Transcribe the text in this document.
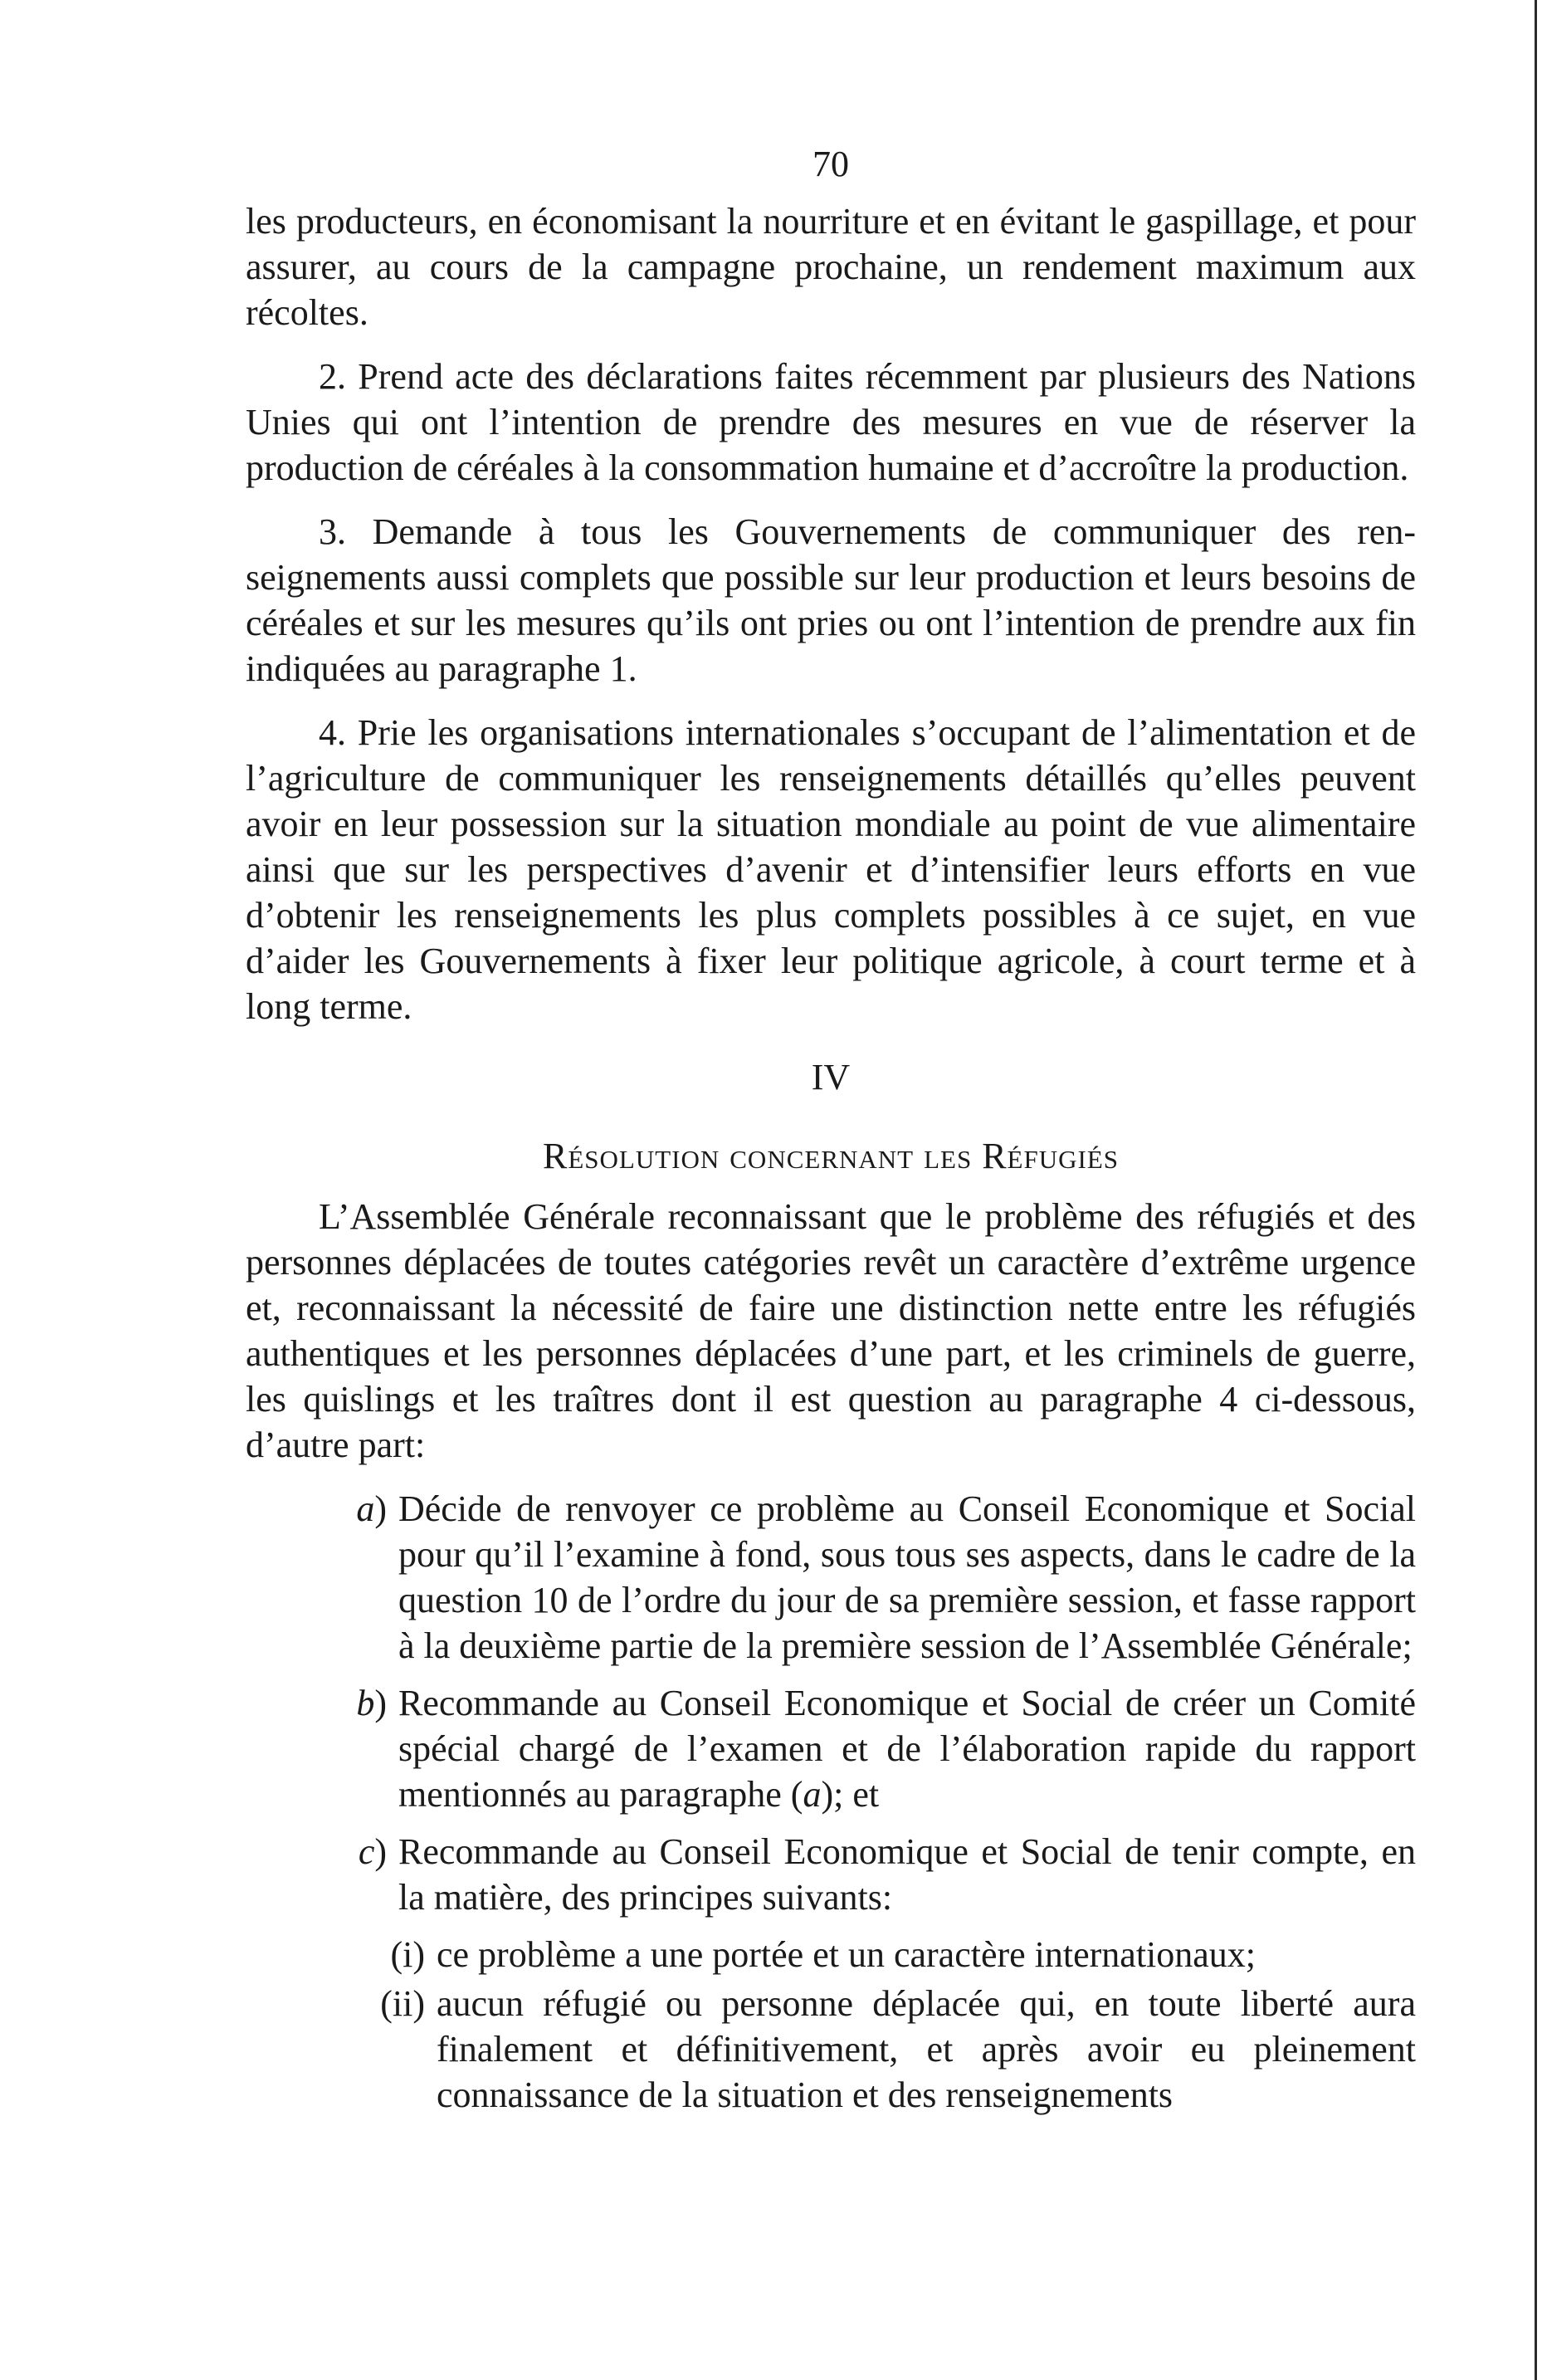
70

les producteurs, en économisant la nourriture et en évitant le gaspillage, et pour assurer, au cours de la campagne prochaine, un rendement maximum aux récoltes.

2. Prend acte des déclarations faites récemment par plusieurs des Nations Unies qui ont l’intention de prendre des mesures en vue de réserver la production de céréales à la consommation humaine et d’accroître la production.

3. Demande à tous les Gouvernements de communiquer des renseignements aussi complets que possible sur leur production et leurs besoins de céréales et sur les mesures qu’ils ont pries ou ont l’intention de prendre aux fin indiquées au paragraphe 1.

4. Prie les organisations internationales s’occupant de l’alimentation et de l’agriculture de communiquer les renseignements détaillés qu’elles peuvent avoir en leur possession sur la situation mondiale au point de vue alimentaire ainsi que sur les perspectives d’avenir et d’intensifier leurs efforts en vue d’obtenir les renseignements les plus complets possibles à ce sujet, en vue d’aider les Gouvernements à fixer leur politique agricole, à court terme et à long terme.

IV
Résolution concernant les Réfugiés

L’Assemblée Générale reconnaissant que le problème des réfugiés et des personnes déplacées de toutes catégories revêt un caractère d’extrême urgence et, reconnaissant la nécessité de faire une distinction nette entre les réfugiés authentiques et les personnes déplacées d’une part, et les criminels de guerre, les quislings et les traîtres dont il est question au paragraphe 4 ci-dessous, d’autre part:

a) Décide de renvoyer ce problème au Conseil Economique et Social pour qu’il l’examine à fond, sous tous ses aspects, dans le cadre de la question 10 de l’ordre du jour de sa première session, et fasse rapport à la deuxième partie de la première session de l’Assemblée Générale;
b) Recommande au Conseil Economique et Social de créer un Comité spécial chargé de l’examen et de l’élaboration rapide du rapport mentionnés au paragraphe (a); et
c) Recommande au Conseil Economique et Social de tenir compte, en la matière, des principes suivants:
(i) ce problème a une portée et un caractère internationaux;
(ii) aucun réfugié ou personne déplacée qui, en toute liberté aura finalement et définitivement, et après avoir eu pleinement connaissance de la situation et des renseignements
